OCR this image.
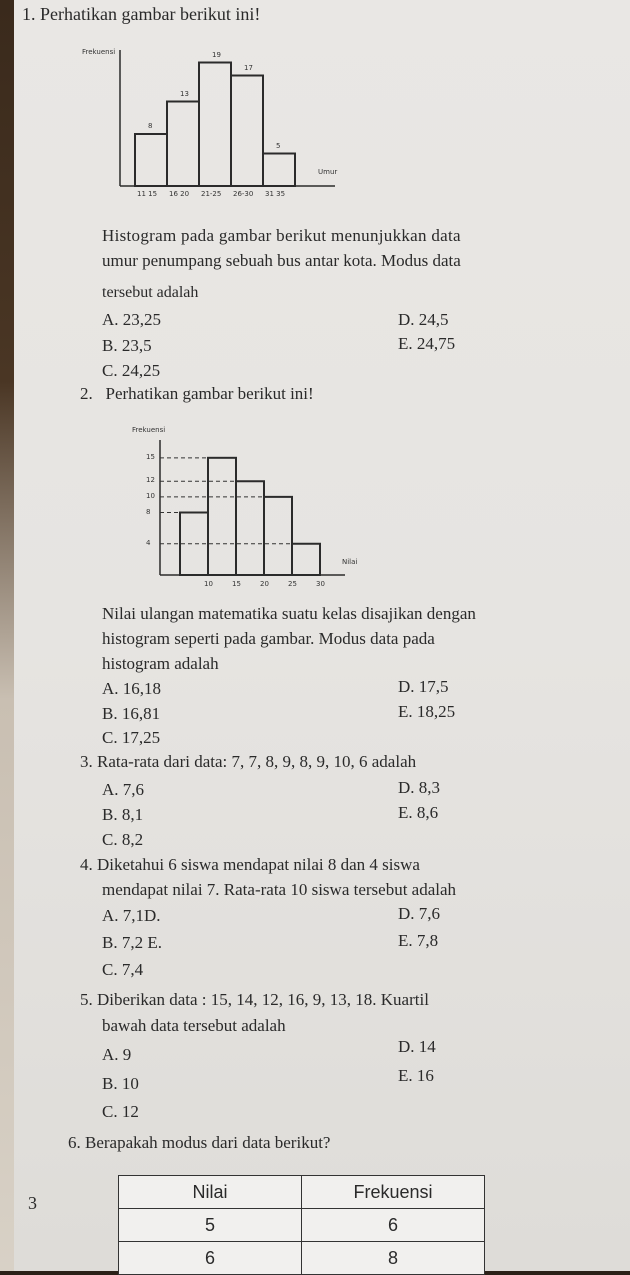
1. Perhatikan gambar berikut ini!
Frekuensi
Umur
8
11 15
13
16 20
19
21-25
17
26-30
5
31 35
Histogram pada gambar berikut menunjukkan data
umur penumpang sebuah bus antar kota. Modus data
tersebut adalah
A. 23,25	D. 24,5
B. 23,5	E. 24,75
C. 24,25
2. Perhatikan gambar berikut ini!
Frekuensi
Nilai
4
8
10
12
15
10	15	20	25	30
Nilai ulangan matematika suatu kelas disajikan dengan
histogram seperti pada gambar. Modus data pada
histogram adalah
A. 16,18	D. 17,5
B. 16,81	E. 18,25
C. 17,25
3. Rata-rata dari data: 7, 7, 8, 9, 8, 9, 10, 6 adalah
A. 7,6	D. 8,3
B. 8,1	E. 8,6
C. 8,2
4. Diketahui 6 siswa mendapat nilai 8 dan 4 siswa
mendapat nilai 7. Rata-rata 10 siswa tersebut adalah
A. 7,1D.	D. 7,6
B. 7,2 E.	E. 7,8
C. 7,4
5. Diberikan data : 15, 14, 12, 16, 9, 13, 18. Kuartil
bawah data tersebut adalah
A. 9	D. 14
B. 10	E. 16
C. 12
6. Berapakah modus dari data berikut?
3
Nilai	Frekuensi
5	6
6	8
